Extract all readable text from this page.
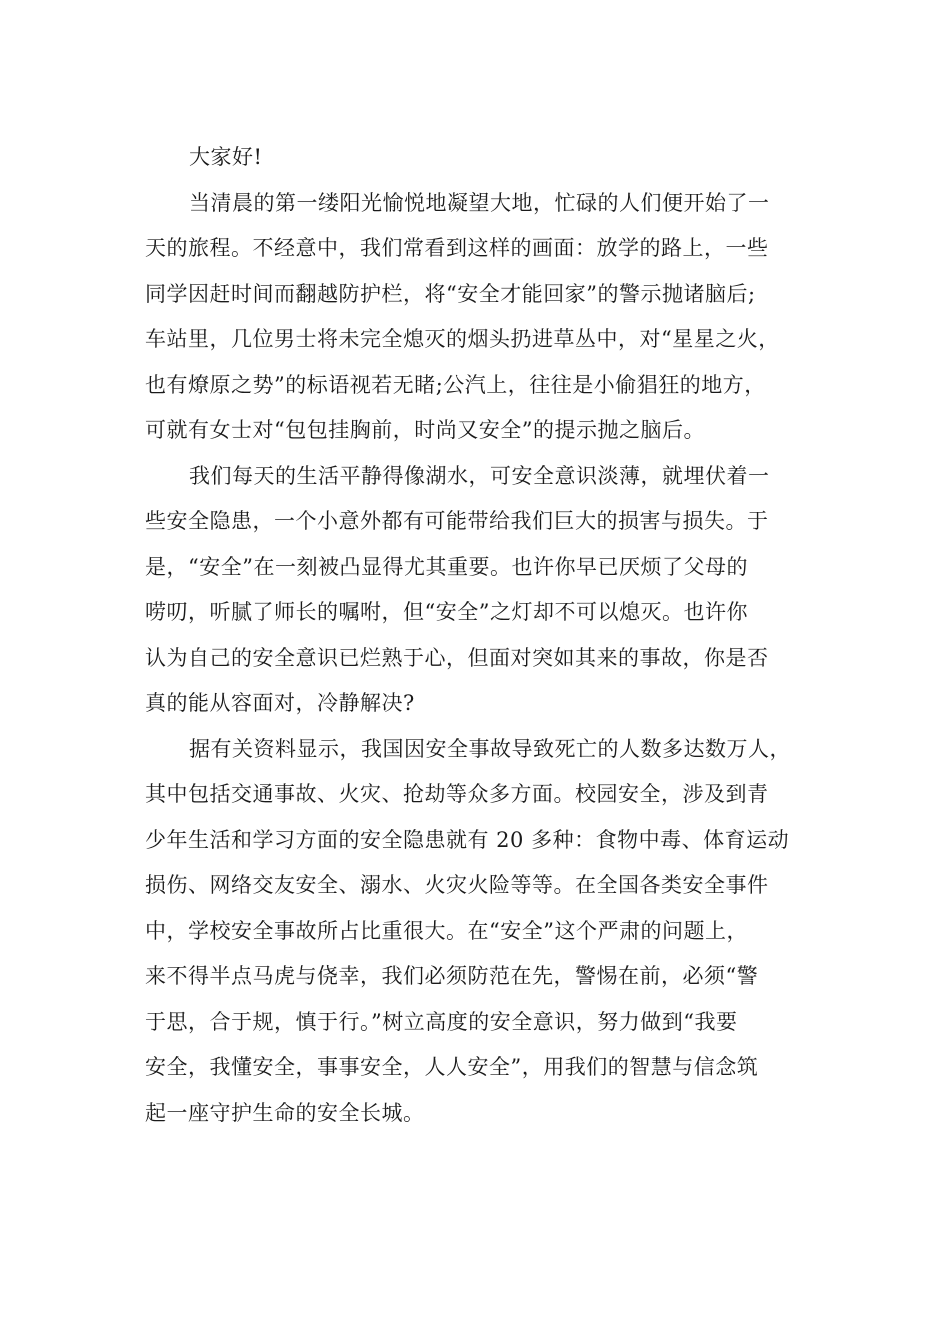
大家好!
当清晨的第一缕阳光愉悦地凝望大地，忙碌的人们便开始了一
天的旅程。不经意中，我们常看到这样的画面：放学的路上，一些
同学因赶时间而翻越防护栏，将“安全才能回家”的警示抛诸脑后;
车站里，几位男士将未完全熄灭的烟头扔进草丛中，对“星星之火，
也有燎原之势”的标语视若无睹;公汽上，往往是小偷猖狂的地方，
可就有女士对“包包挂胸前，时尚又安全”的提示抛之脑后。
我们每天的生活平静得像湖水，可安全意识淡薄，就埋伏着一
些安全隐患，一个小意外都有可能带给我们巨大的损害与损失。于
是，“安全”在一刻被凸显得尤其重要。也许你早已厌烦了父母的
唠叨，听腻了师长的嘱咐，但“安全”之灯却不可以熄灭。也许你
认为自己的安全意识已烂熟于心，但面对突如其来的事故，你是否
真的能从容面对，冷静解决?
据有关资料显示，我国因安全事故导致死亡的人数多达数万人，
其中包括交通事故、火灾、抢劫等众多方面。校园安全，涉及到青
少年生活和学习方面的安全隐患就有 20 多种：食物中毒、体育运动
损伤、网络交友安全、溺水、火灾火险等等。在全国各类安全事件
中，学校安全事故所占比重很大。在“安全”这个严肃的问题上，
来不得半点马虎与侥幸，我们必须防范在先，警惕在前，必须“警
于思，合于规，慎于行。”树立高度的安全意识，努力做到“我要
安全，我懂安全，事事安全，人人安全”，用我们的智慧与信念筑
起一座守护生命的安全长城。
